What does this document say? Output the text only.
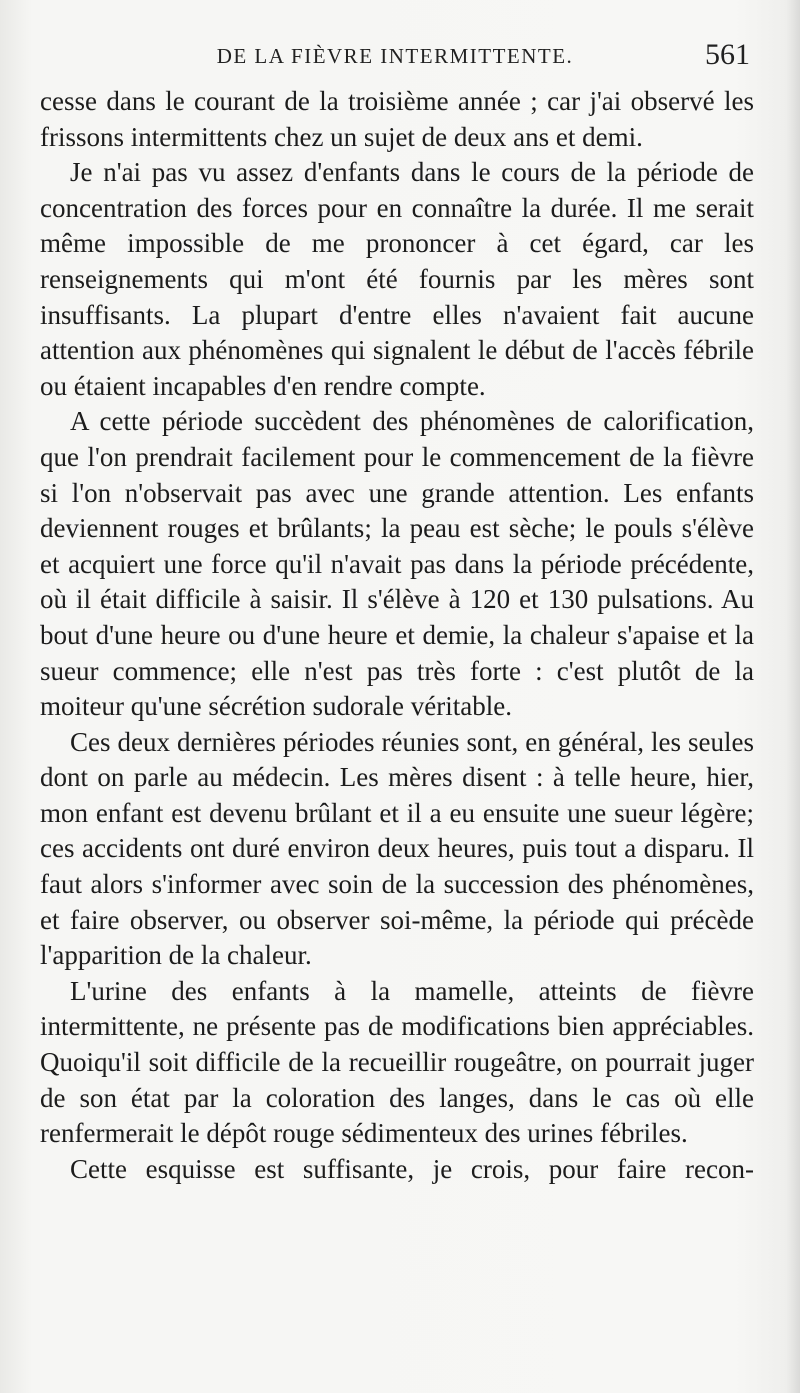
DE LA FIÈVRE INTERMITTENTE.	561

cesse dans le courant de la troisième année ; car j'ai observé les frissons intermittents chez un sujet de deux ans et demi.

Je n'ai pas vu assez d'enfants dans le cours de la période de concentration des forces pour en connaître la durée. Il me serait même impossible de me prononcer à cet égard, car les renseignements qui m'ont été fournis par les mères sont insuffisants. La plupart d'entre elles n'avaient fait aucune attention aux phénomènes qui signalent le début de l'accès fébrile ou étaient incapables d'en rendre compte.

A cette période succèdent des phénomènes de calorification, que l'on prendrait facilement pour le commencement de la fièvre si l'on n'observait pas avec une grande attention. Les enfants deviennent rouges et brûlants; la peau est sèche; le pouls s'élève et acquiert une force qu'il n'avait pas dans la période précédente, où il était difficile à saisir. Il s'élève à 120 et 130 pulsations. Au bout d'une heure ou d'une heure et demie, la chaleur s'apaise et la sueur commence; elle n'est pas très forte : c'est plutôt de la moiteur qu'une sécrétion sudorale véritable.

Ces deux dernières périodes réunies sont, en général, les seules dont on parle au médecin. Les mères disent : à telle heure, hier, mon enfant est devenu brûlant et il a eu ensuite une sueur légère; ces accidents ont duré environ deux heures, puis tout a disparu. Il faut alors s'informer avec soin de la succession des phénomènes, et faire observer, ou observer soi-même, la période qui précède l'apparition de la chaleur.

L'urine des enfants à la mamelle, atteints de fièvre intermittente, ne présente pas de modifications bien appréciables. Quoiqu'il soit difficile de la recueillir rougeâtre, on pourrait juger de son état par la coloration des langes, dans le cas où elle renfermerait le dépôt rouge sédimenteux des urines fébriles.

Cette esquisse est suffisante, je crois, pour faire recon-
